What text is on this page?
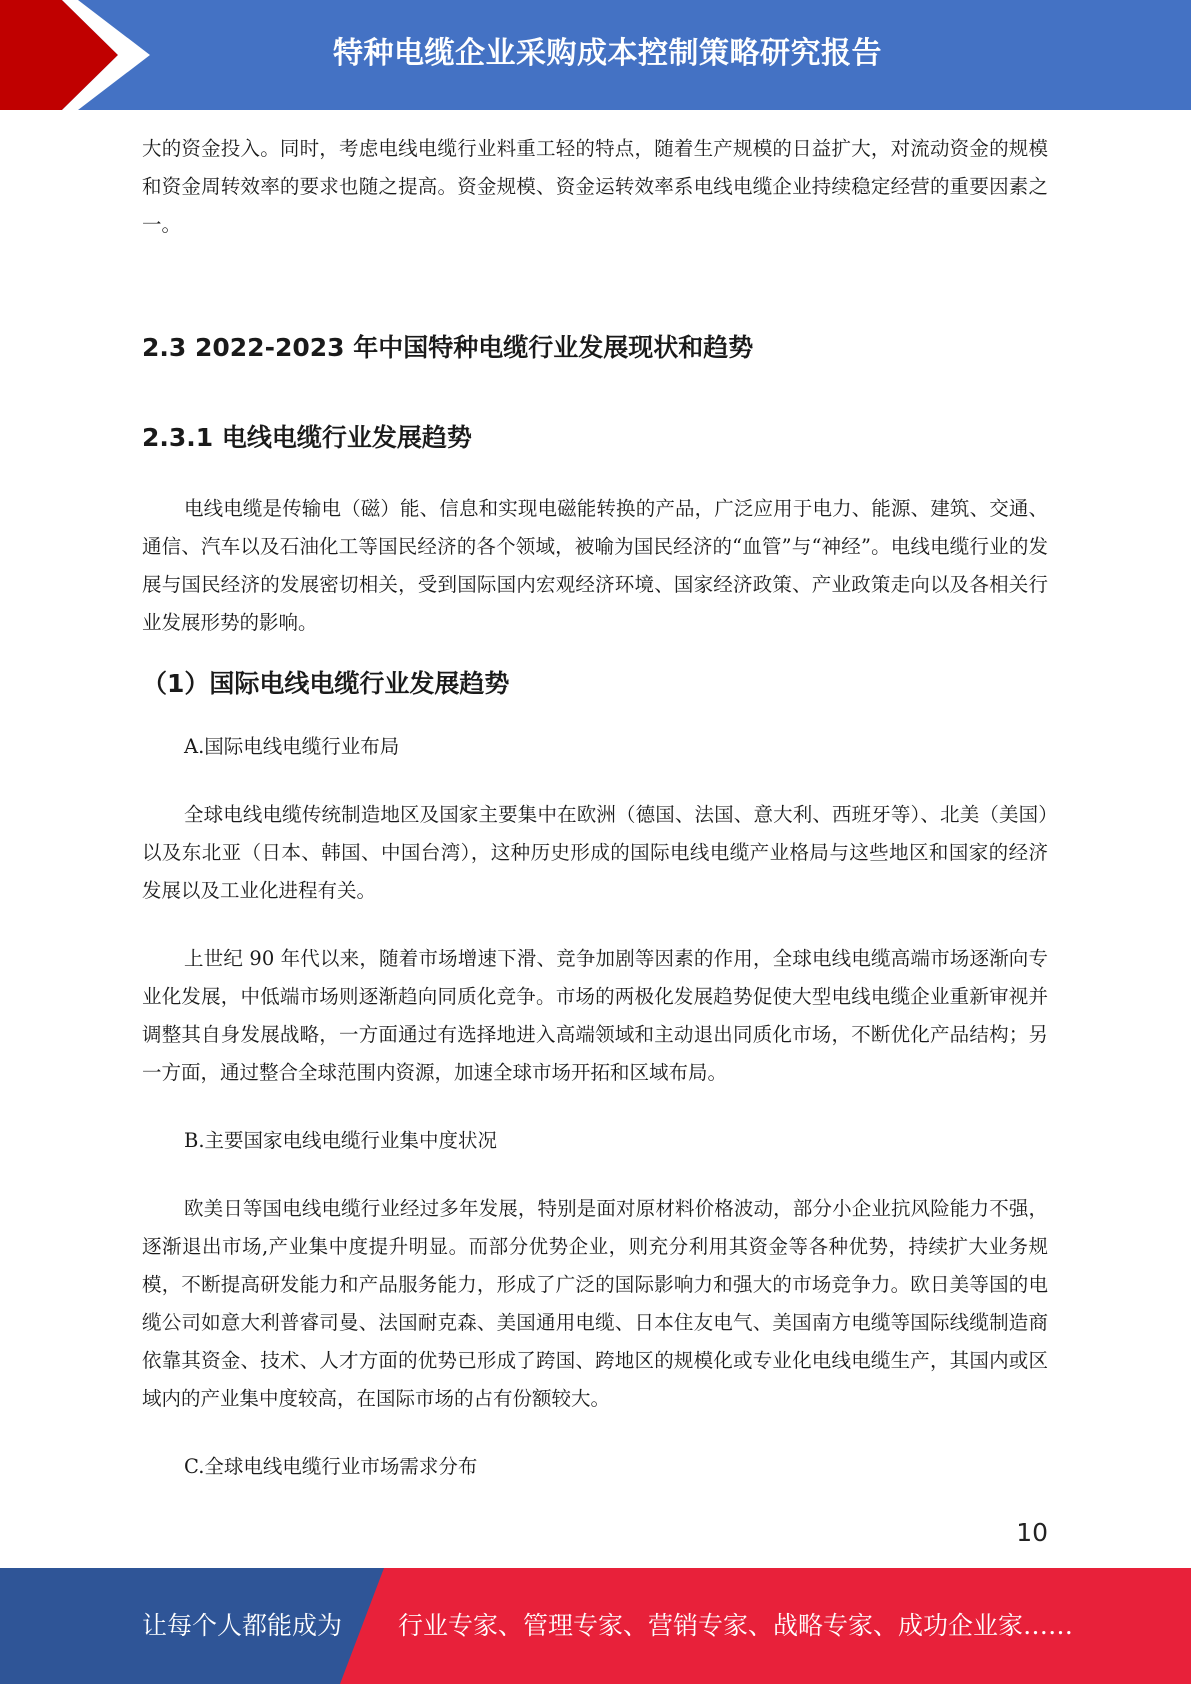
特种电缆企业采购成本控制策略研究报告

大的资金投入。同时，考虑电线电缆行业料重工轻的特点，随着生产规模的日益扩大，对流动资金的规模和资金周转效率的要求也随之提高。资金规模、资金运转效率系电线电缆企业持续稳定经营的重要因素之一。

2.3 2022-2023 年中国特种电缆行业发展现状和趋势
2.3.1 电线电缆行业发展趋势

电线电缆是传输电（磁）能、信息和实现电磁能转换的产品，广泛应用于电力、能源、建筑、交通、通信、汽车以及石油化工等国民经济的各个领域，被喻为国民经济的“血管”与“神经”。电线电缆行业的发展与国民经济的发展密切相关，受到国际国内宏观经济环境、国家经济政策、产业政策走向以及各相关行业发展形势的影响。

（1）国际电线电缆行业发展趋势

A.国际电线电缆行业布局

全球电线电缆传统制造地区及国家主要集中在欧洲（德国、法国、意大利、西班牙等）、北美（美国）以及东北亚（日本、韩国、中国台湾），这种历史形成的国际电线电缆产业格局与这些地区和国家的经济发展以及工业化进程有关。

上世纪 90 年代以来，随着市场增速下滑、竞争加剧等因素的作用，全球电线电缆高端市场逐渐向专业化发展，中低端市场则逐渐趋向同质化竞争。市场的两极化发展趋势促使大型电线电缆企业重新审视并调整其自身发展战略，一方面通过有选择地进入高端领域和主动退出同质化市场，不断优化产品结构；另一方面，通过整合全球范围内资源，加速全球市场开拓和区域布局。

B.主要国家电线电缆行业集中度状况

欧美日等国电线电缆行业经过多年发展，特别是面对原材料价格波动，部分小企业抗风险能力不强，逐渐退出市场,产业集中度提升明显。而部分优势企业，则充分利用其资金等各种优势，持续扩大业务规模，不断提高研发能力和产品服务能力，形成了广泛的国际影响力和强大的市场竞争力。欧日美等国的电缆公司如意大利普睿司曼、法国耐克森、美国通用电缆、日本住友电气、美国南方电缆等国际线缆制造商依靠其资金、技术、人才方面的优势已形成了跨国、跨地区的规模化或专业化电线电缆生产，其国内或区域内的产业集中度较高，在国际市场的占有份额较大。

C.全球电线电缆行业市场需求分布

10
让每个人都能成为 行业专家、管理专家、营销专家、战略专家、成功企业家……
